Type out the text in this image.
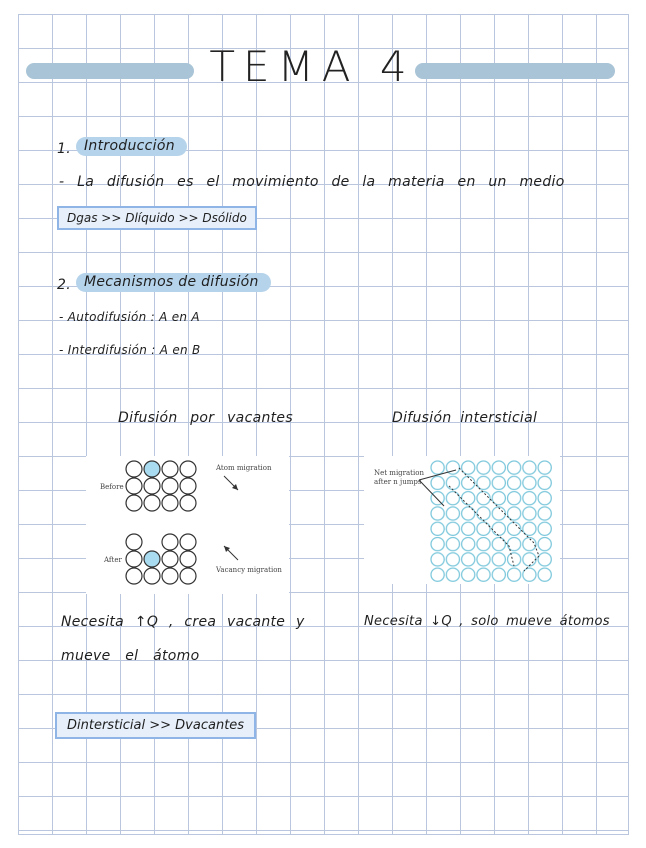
TEMA 4
1. Introducción
- La difusión es el movimiento de la materia en un medio
Dgas >> Dlíquido >> Dsólido
2. Mecanismos de difusión
- Autodifusión : A en A
- Interdifusión : A en B
Difusión por vacantes	Difusión intersticial
Before
After
Atom migration
Vacancy migration
Net migration
after n jumps
Necesita ↑Q , crea vacante y
mueve el átomo
Necesita ↓Q , solo mueve átomos
Dintersticial >> Dvacantes
